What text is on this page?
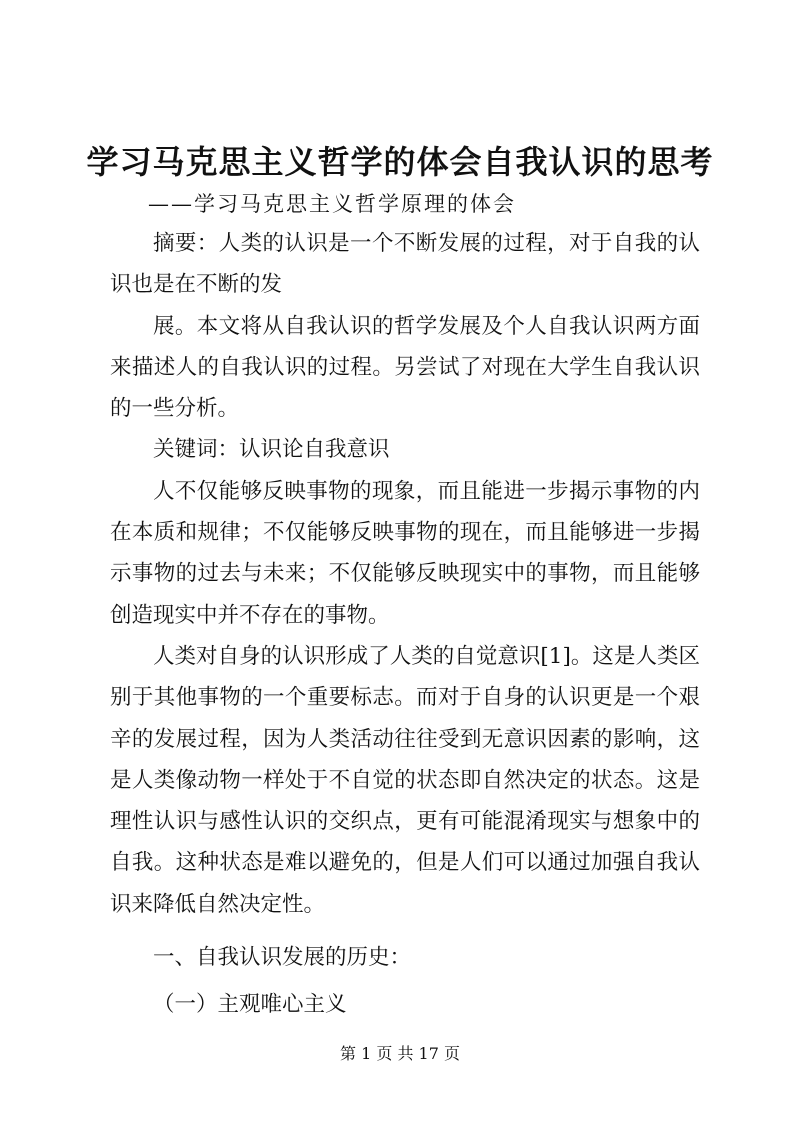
学习马克思主义哲学的体会自我认识的思考
——学习马克思主义哲学原理的体会

摘要：人类的认识是一个不断发展的过程，对于自我的认识也是在不断的发

展。本文将从自我认识的哲学发展及个人自我认识两方面来描述人的自我认识的过程。另尝试了对现在大学生自我认识的一些分析。

关键词：认识论自我意识

人不仅能够反映事物的现象，而且能进一步揭示事物的内在本质和规律；不仅能够反映事物的现在，而且能够进一步揭示事物的过去与未来；不仅能够反映现实中的事物，而且能够创造现实中并不存在的事物。

人类对自身的认识形成了人类的自觉意识[1]。这是人类区别于其他事物的一个重要标志。而对于自身的认识更是一个艰辛的发展过程，因为人类活动往往受到无意识因素的影响，这是人类像动物一样处于不自觉的状态即自然决定的状态。这是理性认识与感性认识的交织点，更有可能混淆现实与想象中的自我。这种状态是难以避免的，但是人们可以通过加强自我认识来降低自然决定性。

一、自我认识发展的历史：

（一）主观唯心主义

第 1 页 共 17 页
